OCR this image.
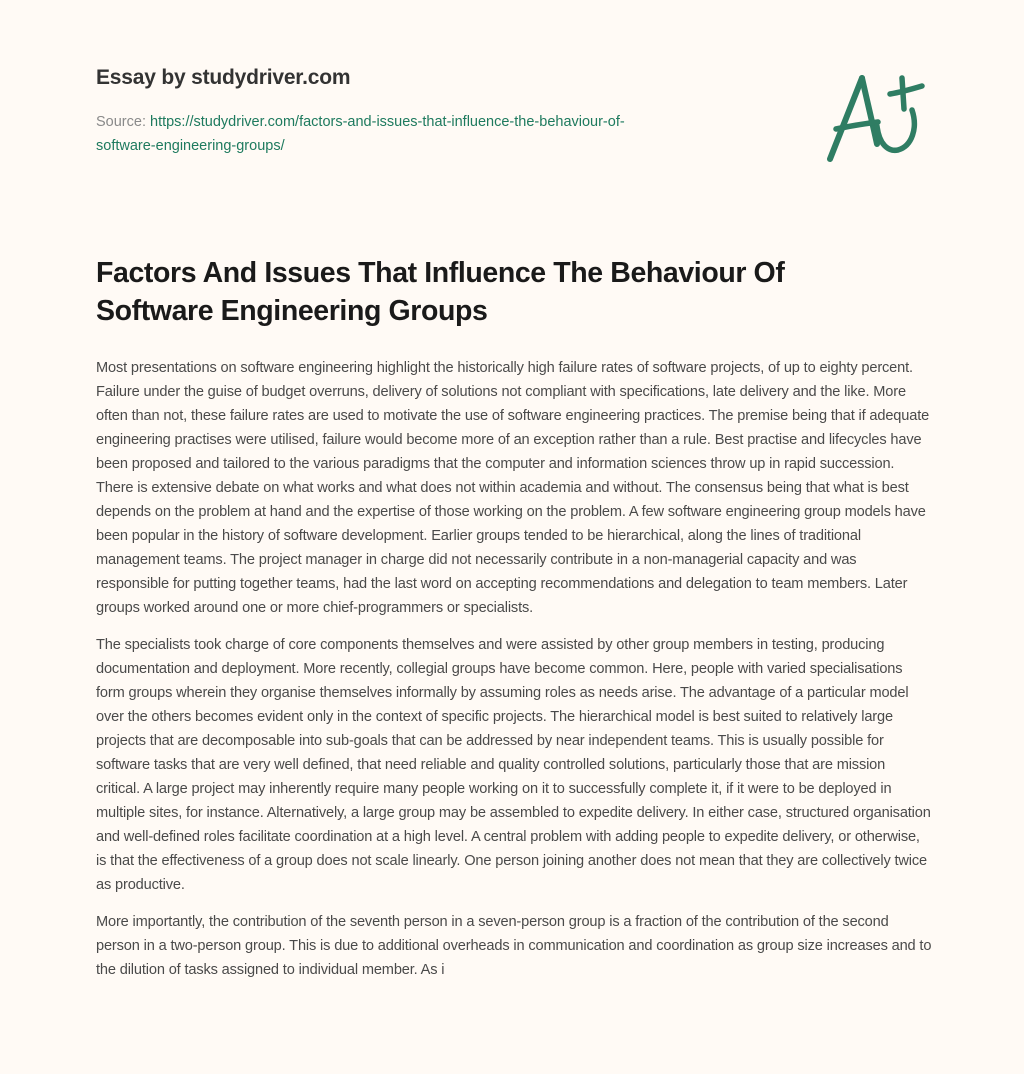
Essay by studydriver.com
Source: https://studydriver.com/factors-and-issues-that-influence-the-behaviour-of-
software-engineering-groups/
Factors And Issues That Influence The Behaviour Of Software Engineering Groups

Most presentations on software engineering highlight the historically high failure rates of software projects, of up to eighty percent. Failure under the guise of budget overruns, delivery of solutions not compliant with specifications, late delivery and the like. More often than not, these failure rates are used to motivate the use of software engineering practices. The premise being that if adequate engineering practises were utilised, failure would become more of an exception rather than a rule. Best practise and lifecycles have been proposed and tailored to the various paradigms that the computer and information sciences throw up in rapid succession. There is extensive debate on what works and what does not within academia and without. The consensus being that what is best depends on the problem at hand and the expertise of those working on the problem. A few software engineering group models have been popular in the history of software development. Earlier groups tended to be hierarchical, along the lines of traditional management teams. The project manager in charge did not necessarily contribute in a non-managerial capacity and was responsible for putting together teams, had the last word on accepting recommendations and delegation to team members. Later groups worked around one or more chief-programmers or specialists.

The specialists took charge of core components themselves and were assisted by other group members in testing, producing documentation and deployment. More recently, collegial groups have become common. Here, people with varied specialisations form groups wherein they organise themselves informally by assuming roles as needs arise. The advantage of a particular model over the others becomes evident only in the context of specific projects. The hierarchical model is best suited to relatively large projects that are decomposable into sub-goals that can be addressed by near independent teams. This is usually possible for software tasks that are very well defined, that need reliable and quality controlled solutions, particularly those that are mission critical. A large project may inherently require many people working on it to successfully complete it, if it were to be deployed in multiple sites, for instance. Alternatively, a large group may be assembled to expedite delivery. In either case, structured organisation and well-defined roles facilitate coordination at a high level. A central problem with adding people to expedite delivery, or otherwise, is that the effectiveness of a group does not scale linearly. One person joining another does not mean that they are collectively twice as productive.

More importantly, the contribution of the seventh person in a seven-person group is a fraction of the contribution of the second person in a two-person group. This is due to additional overheads in communication and coordination as group size increases and to the dilution of tasks assigned to individual member. As i
